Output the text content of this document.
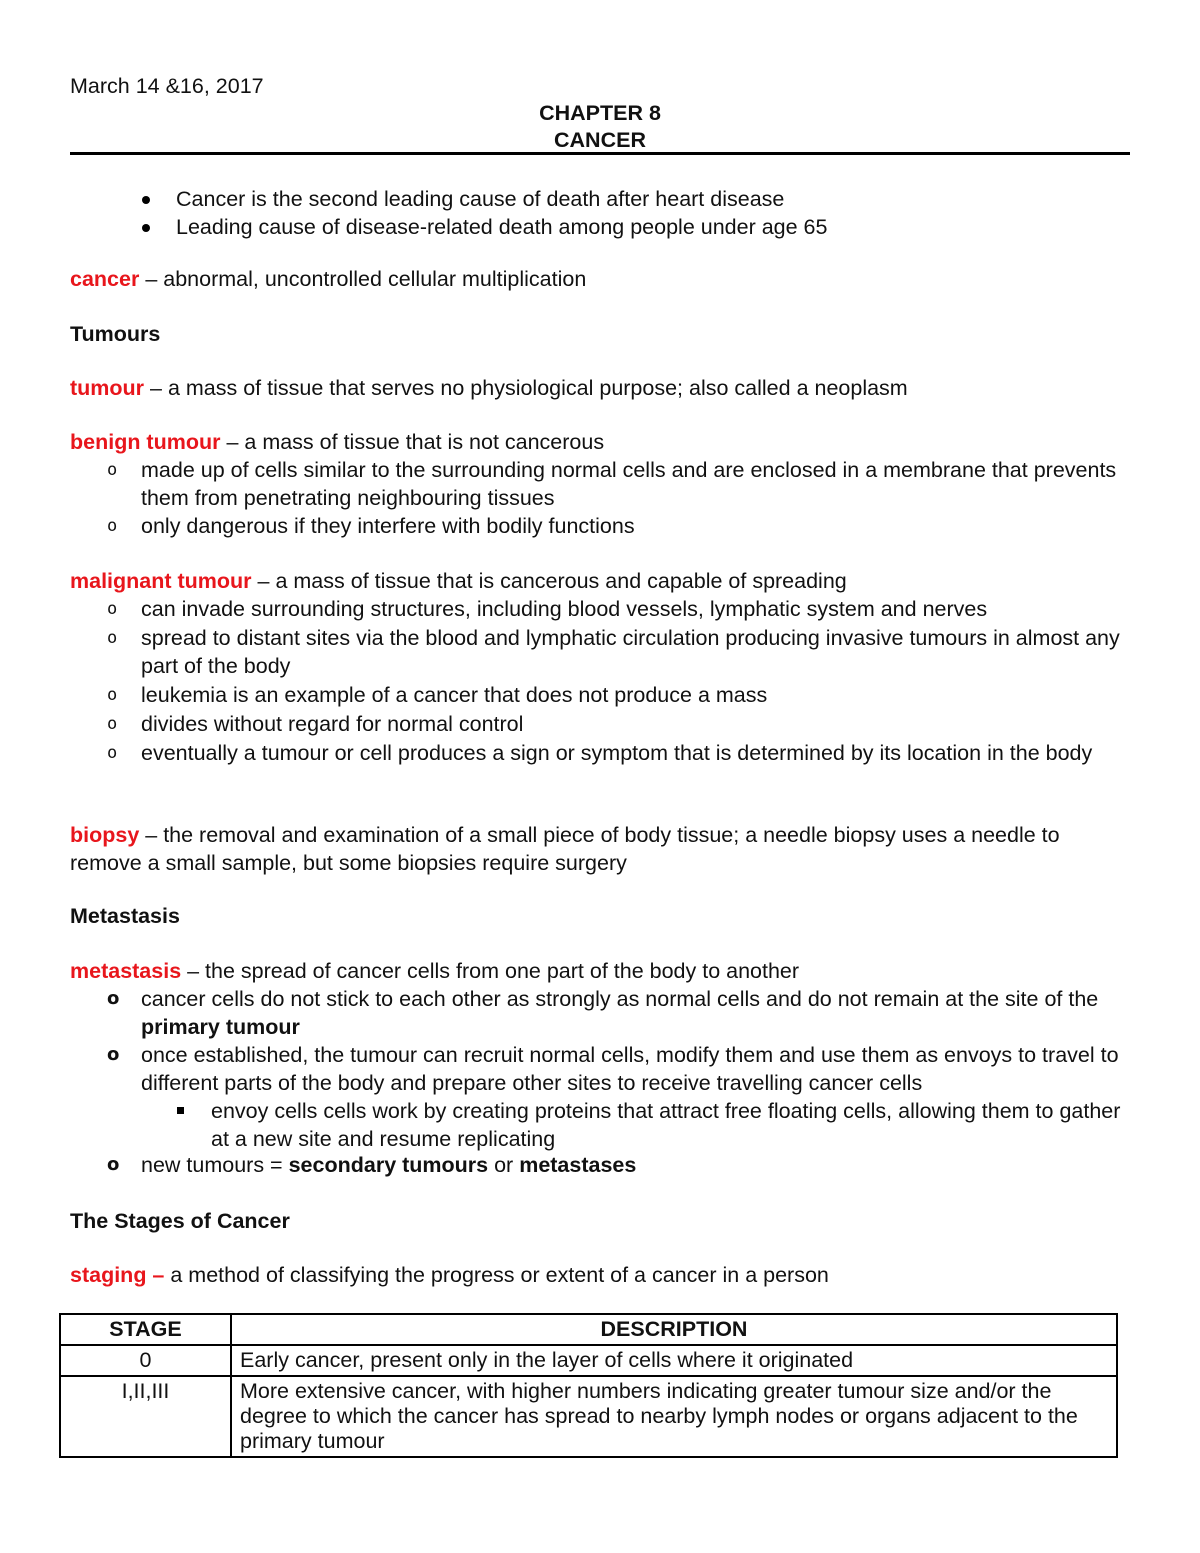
March 14 &16, 2017

CHAPTER 8

CANCER

Cancer is the second leading cause of death after heart disease
Leading cause of disease-related death among people under age 65

cancer – abnormal, uncontrolled cellular multiplication

Tumours

tumour – a mass of tissue that serves no physiological purpose; also called a neoplasm

benign tumour – a mass of tissue that is not cancerous

o made up of cells similar to the surrounding normal cells and are enclosed in a membrane that prevents them from penetrating neighbouring tissues
o only dangerous if they interfere with bodily functions

malignant tumour – a mass of tissue that is cancerous and capable of spreading

o can invade surrounding structures, including blood vessels, lymphatic system and nerves
o spread to distant sites via the blood and lymphatic circulation producing invasive tumours in almost any part of the body
o leukemia is an example of a cancer that does not produce a mass
o divides without regard for normal control
o eventually a tumour or cell produces a sign or symptom that is determined by its location in the body

biopsy – the removal and examination of a small piece of body tissue; a needle biopsy uses a needle to remove a small sample, but some biopsies require surgery

Metastasis

metastasis – the spread of cancer cells from one part of the body to another

o cancer cells do not stick to each other as strongly as normal cells and do not remain at the site of the primary tumour
o once established, the tumour can recruit normal cells, modify them and use them as envoys to travel to different parts of the body and prepare other sites to receive travelling cancer cells
envoy cells cells work by creating proteins that attract free floating cells, allowing them to gather at a new site and resume replicating
o new tumours = secondary tumours or metastases

The Stages of Cancer

staging – a method of classifying the progress or extent of a cancer in a person

STAGE	DESCRIPTION
0	Early cancer, present only in the layer of cells where it originated
I,II,III	More extensive cancer, with higher numbers indicating greater tumour size and/or the degree to which the cancer has spread to nearby lymph nodes or organs adjacent to the primary tumour
